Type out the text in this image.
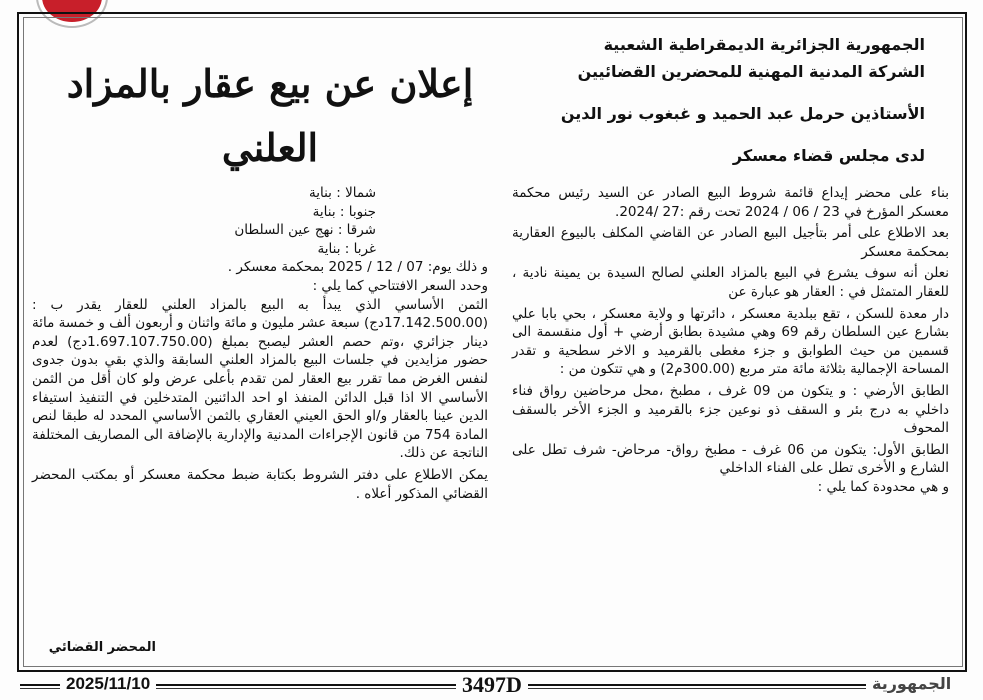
الجمهورية الجزائرية الديمقراطية الشعبية
الشركة المدنية المهنية للمحضرين القضائيين
الأستاذين حرمل عبد الحميد و غبغوب نور الدين
لدى مجلس قضاء معسكر
إعلان عن بيع عقار بالمزاد العلني

بناء على محضر إيداع قائمة شروط البيع الصادر عن السيد رئيس محكمة معسكر المؤرخ في 23 / 06 / 2024 تحت رقم :27 /2024.

بعد الاطلاع على أمر بتأجيل البيع الصادر عن القاضي المكلف بالبيوع العقارية بمحكمة معسكر

نعلن أنه سوف يشرع في البيع بالمزاد العلني لصالح السيدة بن يمينة نادية ، للعقار المتمثل في : العقار هو عبارة عن

دار معدة للسكن ، تقع ببلدية معسكر ، دائرتها و ولاية معسكر ، بحي بابا علي بشارع عين السلطان رقم 69 وهي مشيدة بطابق أرضي + أول منقسمة الى قسمين من حيث الطوابق و جزء مغطى بالقرميد و الاخر سطحية و تقدر المساحة الإجمالية بثلاثة مائة متر مربع (300.00م2) و هي تتكون من :

الطابق الأرضي : و يتكون من 09 غرف ، مطبخ ،محل مرحاضين رواق فناء داخلي به درج بئر و السقف ذو نوعين جزء بالقرميد و الجزء الأخر بالسقف المحوف

الطابق الأول: يتكون من 06 غرف - مطبخ رواق- مرحاض- شرف تطل على الشارع و الأخرى تطل على الفناء الداخلي

و هي محدودة كما يلي :

شمالا : بناية
جنوبا : بناية
شرقا : نهج عين السلطان
غربا : بناية

و ذلك يوم: 07 / 12 / 2025 بمحكمة معسكر .

وحدد السعر الافتتاحي كما يلي :

الثمن الأساسي الذي يبدأ به البيع بالمزاد العلني للعقار يقدر ب : (17.142.500.00دج) سبعة عشر مليون و مائة واثنان و أربعون ألف و خمسة مائة دينار جزائري ،وتم حصم العشر ليصبح بمبلغ (1.697.107.750.00دج) لعدم حضور مزايدين في جلسات البيع بالمزاد العلني السابقة والذي بقي بدون جدوى لنفس الغرض مما تقرر بيع العقار لمن تقدم بأعلى عرض ولو كان أقل من الثمن الأساسي الا اذا قبل الدائن المنفذ او احد الدائنين المتدخلين في التنفيذ استيفاء الدين عينا بالعقار و/او الحق العيني العقاري بالثمن الأساسي المحدد له طبقا لنص المادة 754 من قانون الإجراءات المدنية والإدارية بالإضافة الى المصاريف المختلفة الناتجة عن ذلك.

يمكن الاطلاع على دفتر الشروط بكتابة ضبط محكمة معسكر أو بمكتب المحضر القضائي المذكور أعلاه .

المحضر القضائي
2025/11/10	3497D	الجمهورية
